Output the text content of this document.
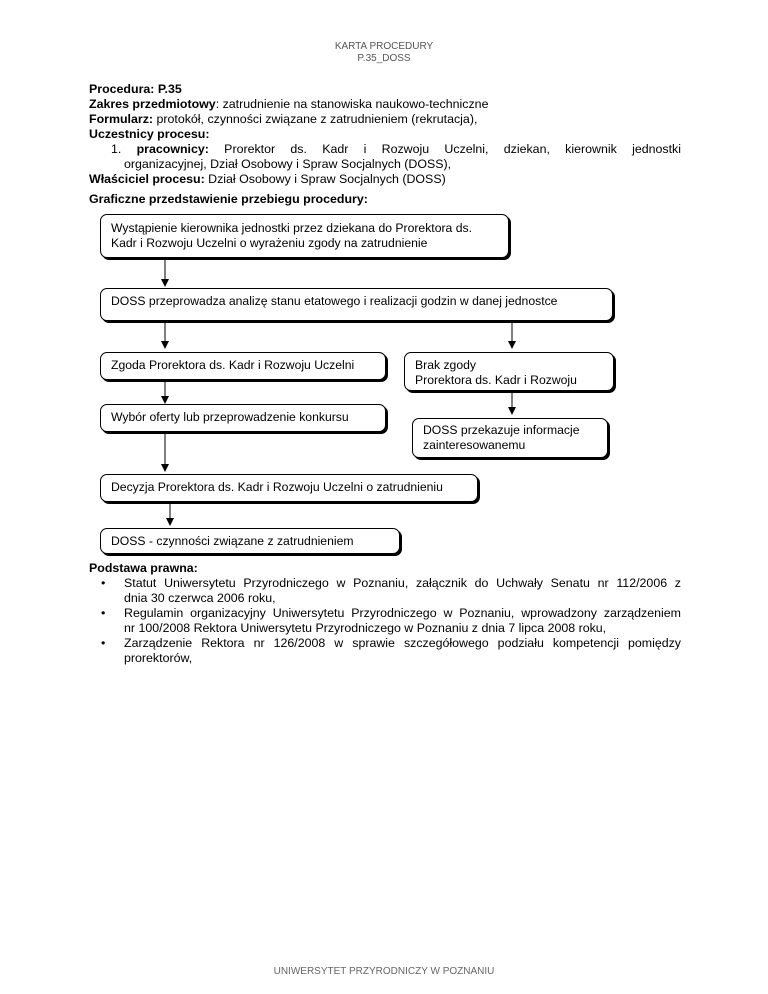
KARTA PROCEDURY
P.35_DOSS
Procedura: P.35
Zakres przedmiotowy: zatrudnienie na stanowiska naukowo-techniczne
Formularz: protokół, czynności związane z zatrudnieniem (rekrutacja),
Uczestnicy procesu:
1. pracownicy: Prorektor ds. Kadr i Rozwoju Uczelni, dziekan, kierownik jednostki
organizacyjnej, Dział Osobowy i Spraw Socjalnych (DOSS),
Właściciel procesu: Dział Osobowy i Spraw Socjalnych (DOSS)
Graficzne przedstawienie przebiegu procedury:
Wystąpienie kierownika jednostki przez dziekana do Prorektora ds.
Kadr i Rozwoju Uczelni o wyrażeniu zgody na zatrudnienie
DOSS przeprowadza analizę stanu etatowego i realizacji godzin w danej jednostce
Zgoda Prorektora ds. Kadr i Rozwoju Uczelni	Brak zgody
Prorektora ds. Kadr i Rozwoju
Wybór oferty lub przeprowadzenie konkursu
DOSS przekazuje informacje
zainteresowanemu
Decyzja Prorektora ds. Kadr i Rozwoju Uczelni o zatrudnieniu
DOSS - czynności związane z zatrudnieniem
Podstawa prawna:
• Statut Uniwersytetu Przyrodniczego w Poznaniu, załącznik do Uchwały Senatu nr 112/2006 z
dnia 30 czerwca 2006 roku,
• Regulamin organizacyjny Uniwersytetu Przyrodniczego w Poznaniu, wprowadzony zarządzeniem
nr 100/2008 Rektora Uniwersytetu Przyrodniczego w Poznaniu z dnia 7 lipca 2008 roku,
• Zarządzenie Rektora nr 126/2008 w sprawie szczegółowego podziału kompetencji pomiędzy
prorektorów,
UNIWERSYTET PRZYRODNICZY W POZNANIU
